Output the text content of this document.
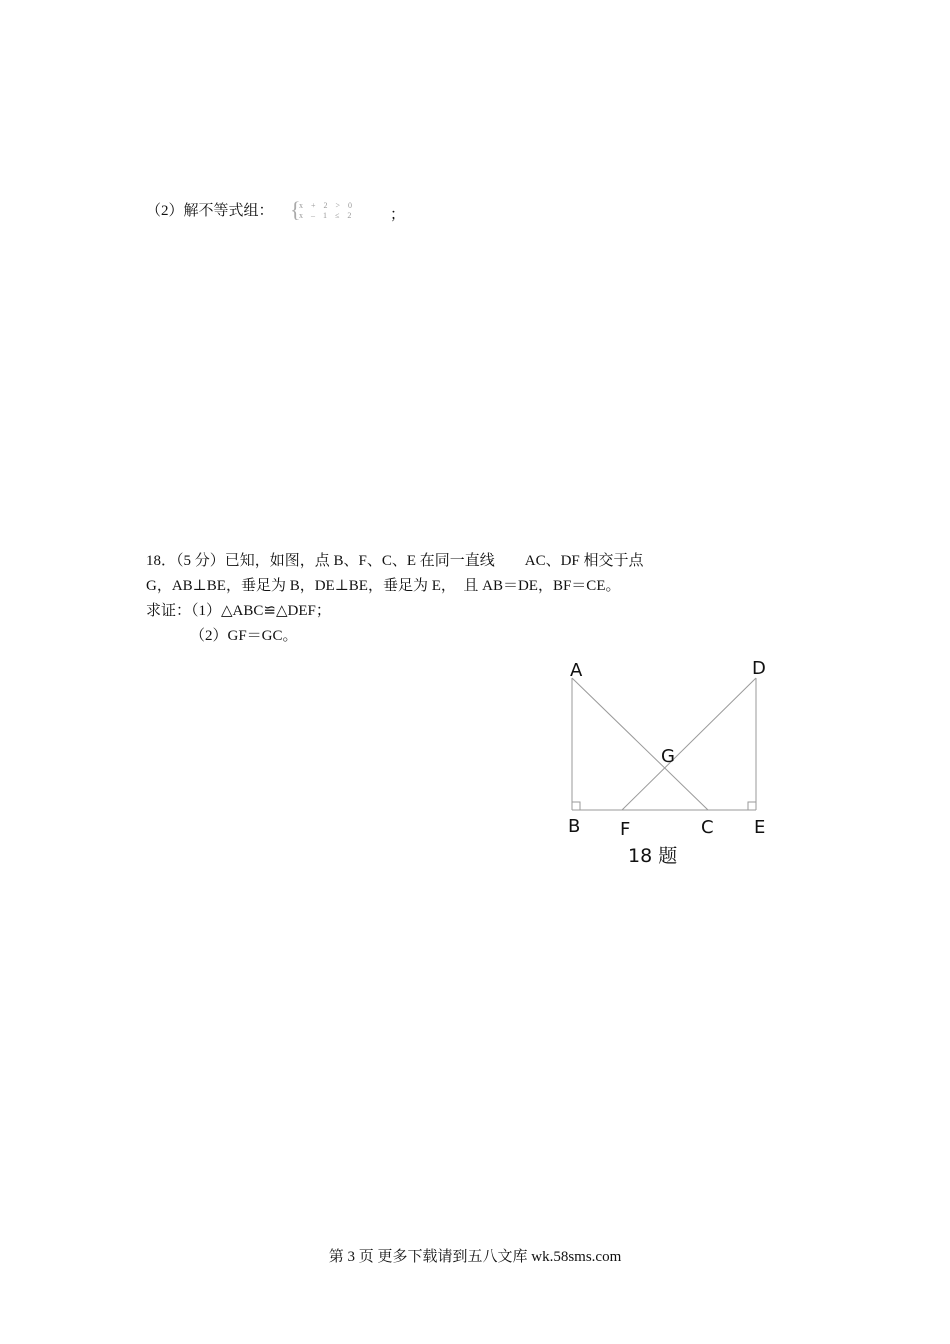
（2）解不等式组： {
x + 2 > 0
x – 1 ≤ 2 ；
18．（5 分）已知，如图，点 B、F、C、E 在同一直线　　AC、DF 相交于点
G，AB⊥BE，垂足为 B，DE⊥BE，垂足为 E，　且 AB＝DE，BF＝CE。
求证：（1）△ABC≌△DEF；
（2）GF＝GC。
A	D
G
B F	C E
18 题
第 3 页 更多下载请到五八文库 wk.58sms.com
